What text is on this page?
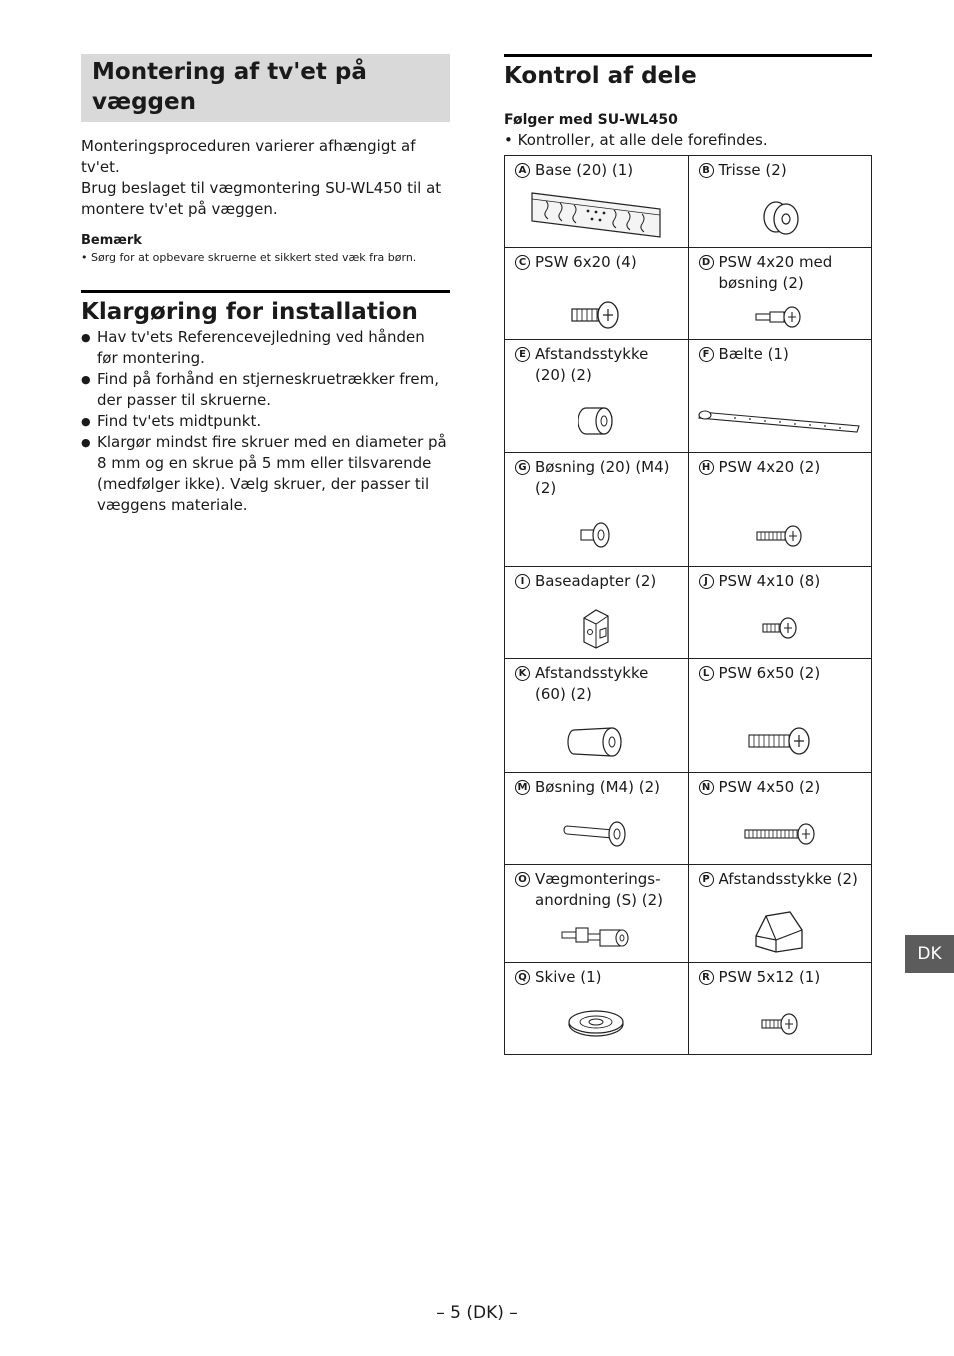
Montering af tv'et på væggen

Monteringsproceduren varierer afhængigt af tv'et.

Brug beslaget til vægmontering SU-WL450 til at montere tv'et på væggen.

Bemærk

• Sørg for at opbevare skruerne et sikkert sted væk fra børn.

Klargøring for installation
● Hav tv'ets Referencevejledning ved hånden før montering.
● Find på forhånd en stjerneskruetrækker frem, der passer til skruerne.
● Find tv'ets midtpunkt.
● Klargør mindst fire skruer med en diameter på 8 mm og en skrue på 5 mm eller tilsvarende (medfølger ikke). Vælg skruer, der passer til væggens materiale.
Kontrol af dele

Følger med SU-WL450

• Kontroller, at alle dele forefindes.

A Base (20) (1)	B Trisse (2)

C PSW 6x20 (4)	D PSW 4x20 med bøsning (2)

E Afstandsstykke (20) (2)	F Bælte (1)

G Bøsning (20) (M4) (2)	H PSW 4x20 (2)

I Baseadapter (2)	J PSW 4x10 (8)

K Afstandsstykke (60) (2)	L PSW 6x50 (2)

M Bøsning (M4) (2)	N PSW 4x50 (2)

O Vægmonterings-anordning (S) (2)	P Afstandsstykke (2)

Q Skive (1)	R PSW 5x12 (1)
DK
– 5 (DK) –
